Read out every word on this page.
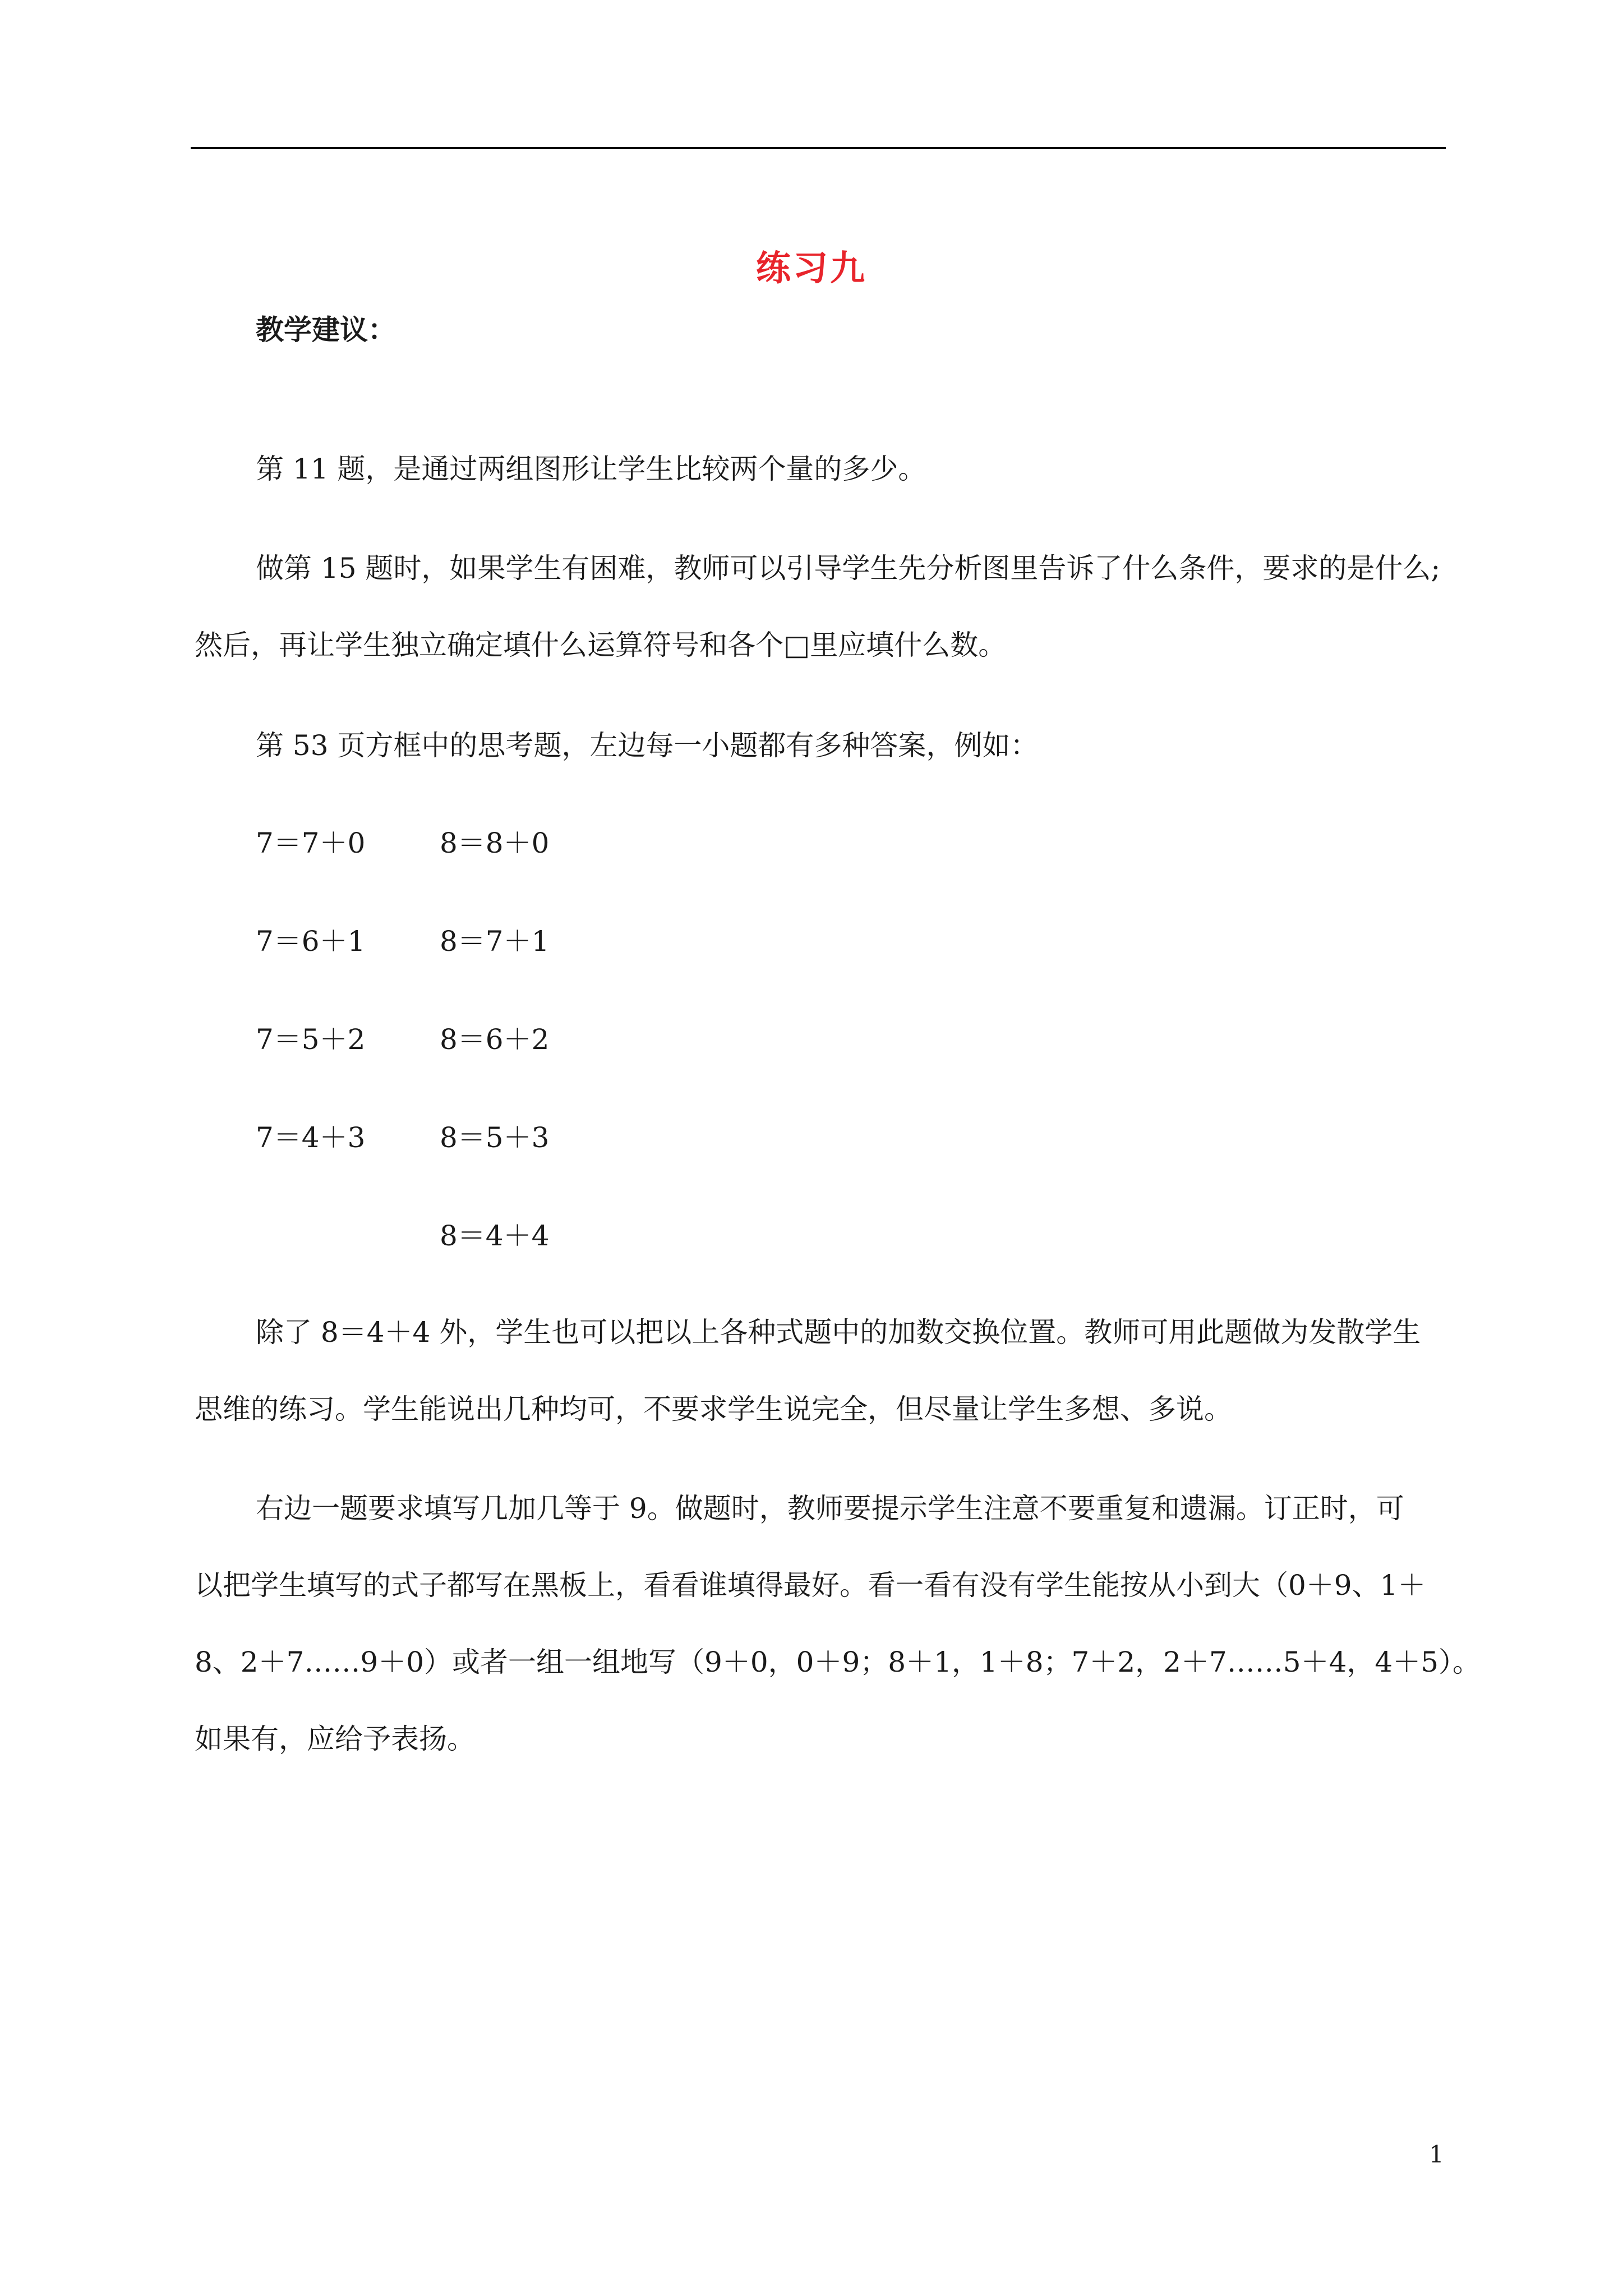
练习九
教学建议：
第 11 题，是通过两组图形让学生比较两个量的多少。
做第 15 题时，如果学生有困难，教师可以引导学生先分析图里告诉了什么条件，要求的是什么;
然后，再让学生独立确定填什么运算符号和各个□里应填什么数。
第 53 页方框中的思考题，左边每一小题都有多种答案，例如：
7＝7＋0	8＝8＋0
7＝6＋1	8＝7＋1
7＝5＋2	8＝6＋2
7＝4＋3	8＝5＋3
8＝4＋4
除了 8＝4＋4 外，学生也可以把以上各种式题中的加数交换位置。教师可用此题做为发散学生
思维的练习。学生能说出几种均可，不要求学生说完全，但尽量让学生多想、多说。
右边一题要求填写几加几等于 9。做题时，教师要提示学生注意不要重复和遗漏。订正时，可
以把学生填写的式子都写在黑板上，看看谁填得最好。看一看有没有学生能按从小到大（0＋9、1＋
8、2＋7……9＋0）或者一组一组地写（9＋0，0＋9；8＋1，1＋8；7＋2，2＋7……5＋4，4＋5）。
如果有，应给予表扬。
1
